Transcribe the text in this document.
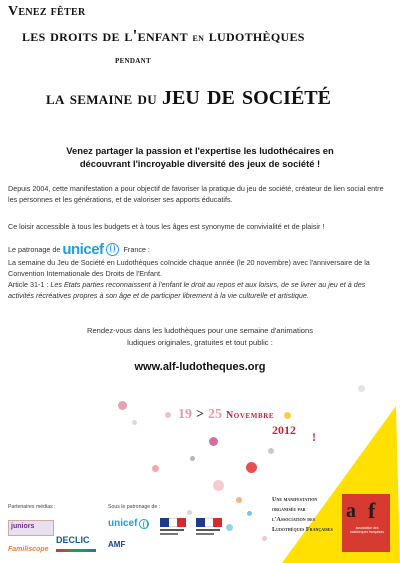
Venez fêter
les droits de l'enfant en ludothèques
pendant
la semaine du jeu de société
Venez partager la passion et l'expertise les ludothécaires en découvrant l'incroyable diversité des jeux de société !
Depuis 2004, cette manifestation a pour objectif de favoriser la pratique du jeu de société, créateur de lien social entre les personnes et les générations, et de valoriser ses apports éducatifs.
Ce loisir accessible à tous les budgets et à tous les âges est synonyme de convivialité et de plaisir !
Le patronage de unicef	France :
La semaine du Jeu de Société en Ludothèques coïncide chaque année (le 20 novembre) avec l'anniversaire de la Convention Internationale des Droits de l'Enfant.
Article 31-1 : Les Etats parties reconnaissent à l'enfant le droit au repos et aux loisirs, de se livrer au jeu et à des activités récréatives propres à son âge et de participer librement à la vie culturelle et artistique.
Rendez-vous dans les ludothèques pour une semaine d'animations
ludiques originales, gratuites et tout public :
www.alf-ludotheques.org
19 > 25 Novembre
2012 !
Une manifestation
organisée par
l'Association des
Ludothèques Françaises
a f
association des ludothèques françaises
Partenaires médias :	Sous le patronage de :
juniors
Familiscope
DECLIC
unicef
AMF
